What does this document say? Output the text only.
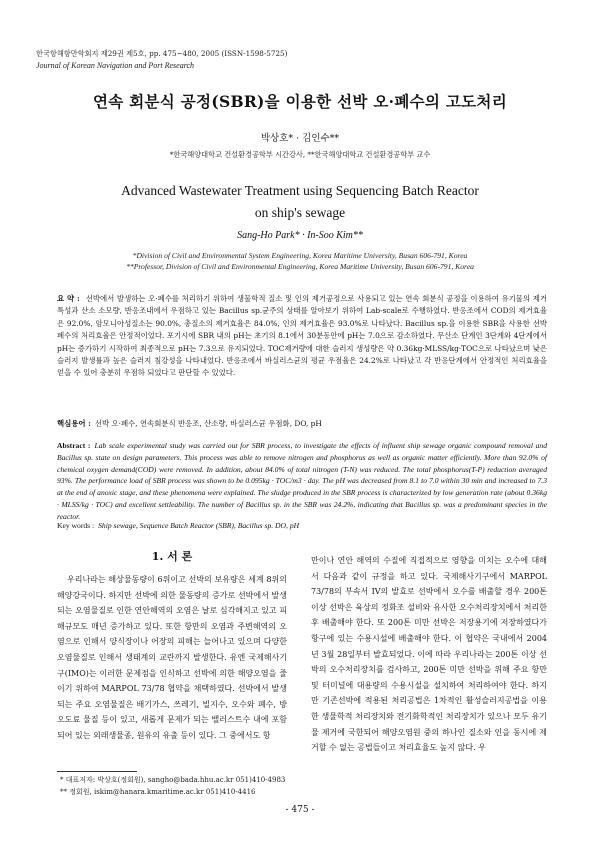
한국항해항만학회지 제29권 제5호, pp. 475~480, 2005 (ISSN-1598-5725)
Journal of Korean Navigation and Port Research
연속 회분식 공정(SBR)을 이용한 선박 오·폐수의 고도처리
박상호* · 김인수**
*한국해양대학교 건설환경공학부 시간강사, **한국해양대학교 건설환경공학부 교수
Advanced Wastewater Treatment using Sequencing Batch Reactor
on ship's sewage
Sang-Ho Park* · In-Soo Kim**
*Division of Civil and Environmental System Engineering, Korea Maritime University, Busan 606-791, Korea
**Professor, Division of Civil and Environmental Engineering, Korea Maritime University, Busan 606-791, Korea
요 약 : 선박에서 발생하는 오·폐수를 처리하기 위하여 생물학적 질소 및 인의 제거공정으로 사용되고 있는 연속 회분식 공정을 이용하여 유기물의 제거 특성과 산소 소모량, 반응조내에서 우점하고 있는 Bacillus sp.균주의 상태를 알아보기 위하여 Lab-scale로 수행하였다. 반응조에서 COD의 제거효율은 92.0%, 암모니아성질소는 90.0%, 총질소의 제거효율은 84.0%, 인의 제거효율은 93.0%로 나타났다. Bacillus sp.을 이용한 SBR을 사용한 선박폐수의 처리효율은 안정적이었다. 포기시에 SBR 내의 pH는 초기의 8.1에서 30분동안에 pH는 7.0으로 감소하였다. 무산소 단계인 3단계와 4단계에서 pH는 증가하기 시작하여 최종적으로 pH는 7.3으로 유지되었다. TOC제거량에 대한 슬러지 생성량은 약 0.36kg·MLSS/kg·TOC으로 나타났으며 낮은 슬러지 발생률과 높은 슬러지 침강성을 나타내었다. 반응조에서 바실러스균의 평균 우점율은 24.2%로 나타났고 각 반응단계에서 안정적인 처리효율을 얻을 수 있어 충분히 우점하 되었다고 판단할 수 있었다.
핵심용어 : 선박 오·폐수, 연속회분식 반응조, 산소량, 바실러스균 우점화, DO, pH
Abstract : Lab scale experimental study was carried out for SBR process, to investigate the effects of influent ship sewage organic compound removal and Bacillus sp. state on design parameters. This process was able to remove nitrogen and phosphorus as well as organic matter efficiently. More than 92.0% of chemical oxygen demand(COD) were removed. In addition, about 84.0% of total nitrogen (T-N) was reduced. The total phosphorus(T-P) reduction averaged 93%. The performance load of SBR process was shown to be 0.095kg · TOC/m3 · day. The pH was decreased from 8.1 to 7.0 within 30 min and increased to 7.3 at the end of anoxic stage, and these phenomena were explained. The sludge produced in the SBR process is characterized by low generation rate (about 0.36kg · MLSS/kg · TOC) and excellent settleability. The number of Bacillus sp. in the SBR was 24.2%, indicating that Bacillus sp. was a predominant species in the reactor.
Key words : Ship sewage, Sequence Batch Reactor (SBR), Bacillus sp. DO, pH
1. 서 론

우리나라는 해상물동량이 6위이고 선박의 보유량은 세계 8위의 해양강국이다. 하지만 선박에 의한 물동량의 증가로 선박에서 발생되는 오염물질로 인한 연안해역의 오염은 날로 심각해지고 있고 피해규모도 매년 증가하고 있다. 또한 항만의 오염과 주변해역의 오염으로 인해서 양식장이나 어장의 피해는 늘어나고 있으며 다양한 오염물질로 인해서 생태계의 교란까지 발생한다. 유엔 국제해사기구(IMO)는 이러한 문제점을 인식하고 선박에 의한 해양오염을 줄이기 위하여 MARPOL 73/78 협약을 채택하였다. 선박에서 발생되는 주요 오염물질은 배기가스, 쓰레기, 빌지수, 오수와 폐수, 방오도료 물질 등이 있고, 새롭게 문제가 되는 밸러스트수 내에 포함되어 있는 외래생물종, 원유의 유출 등이 있다. 그 중에서도 항

만이나 연안 해역의 수질에 직접적으로 영향을 미치는 오수에 대해서 다음과 같이 규정을 하고 있다. 국제해사기구에서 MARPOL 73/78의 부속서 IV의 발효로 선박에서 오수를 배출할 경우 200톤 이상 선박은 육상의 정화조 설비와 유사한 오수처리장치에서 처리한 후 배출해야 한다. 또 200톤 미만 선박은 저장용기에 저장하였다가 항구에 있는 수용시설에 배출해야 한다. 이 협약은 국내에서 2004년 3월 28일부터 발효되었다. 이에 따라 우리나라는 200톤 이상 선박의 오수처리장치를 검사하고, 200톤 미만 선박을 위해 주요 항만 및 터미널에 대용량의 수용시설을 설치하여 처리하여야 한다. 하지만 기존선박에 적용된 처리공법은 1차적인 활성슬러지공법을 이용한 생물학적 처리장치와 전기화학적인 처리장치가 있으나 모두 유기물 제거에 국한되어 해양오염원 중의 하나인 질소와 인을 동시에 제거할 수 없는 공법들이고 처리효율도 높지 않다. 우

* 대표저자: 박상호(정회원), sangho@bada.hhu.ac.kr 051)410-4983
** 정회원, iskim@hanara.kmaritime.ac.kr 051)410-4416
- 475 -
